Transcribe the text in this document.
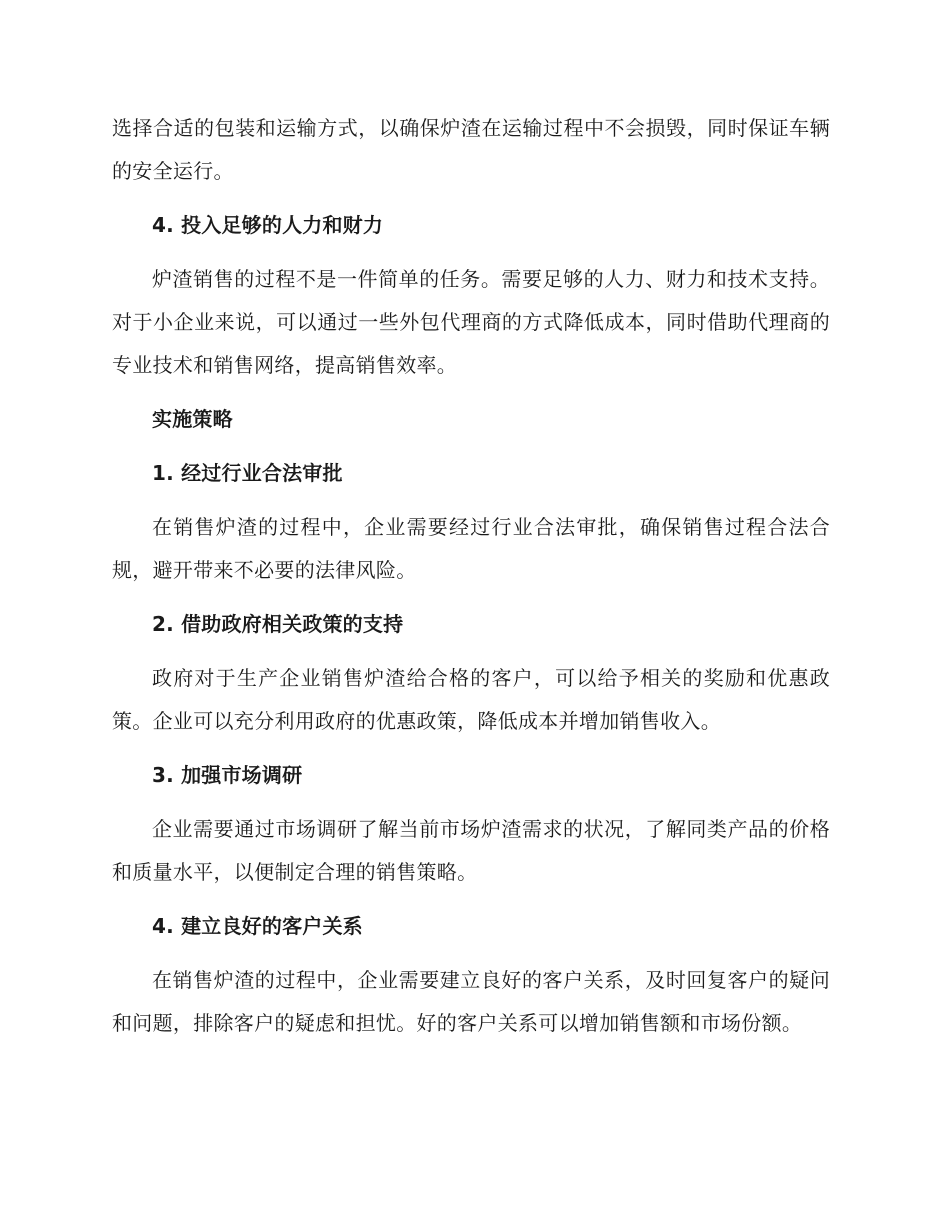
选择合适的包装和运输方式，以确保炉渣在运输过程中不会损毁，同时保证车辆的安全运行。

4. 投入足够的人力和财力

炉渣销售的过程不是一件简单的任务。需要足够的人力、财力和技术支持。对于小企业来说，可以通过一些外包代理商的方式降低成本，同时借助代理商的专业技术和销售网络，提高销售效率。

实施策略

1. 经过行业合法审批

在销售炉渣的过程中，企业需要经过行业合法审批，确保销售过程合法合规，避开带来不必要的法律风险。

2. 借助政府相关政策的支持

政府对于生产企业销售炉渣给合格的客户，可以给予相关的奖励和优惠政策。企业可以充分利用政府的优惠政策，降低成本并增加销售收入。

3. 加强市场调研

企业需要通过市场调研了解当前市场炉渣需求的状况，了解同类产品的价格和质量水平，以便制定合理的销售策略。

4. 建立良好的客户关系

在销售炉渣的过程中，企业需要建立良好的客户关系，及时回复客户的疑问和问题，排除客户的疑虑和担忧。好的客户关系可以增加销售额和市场份额。
